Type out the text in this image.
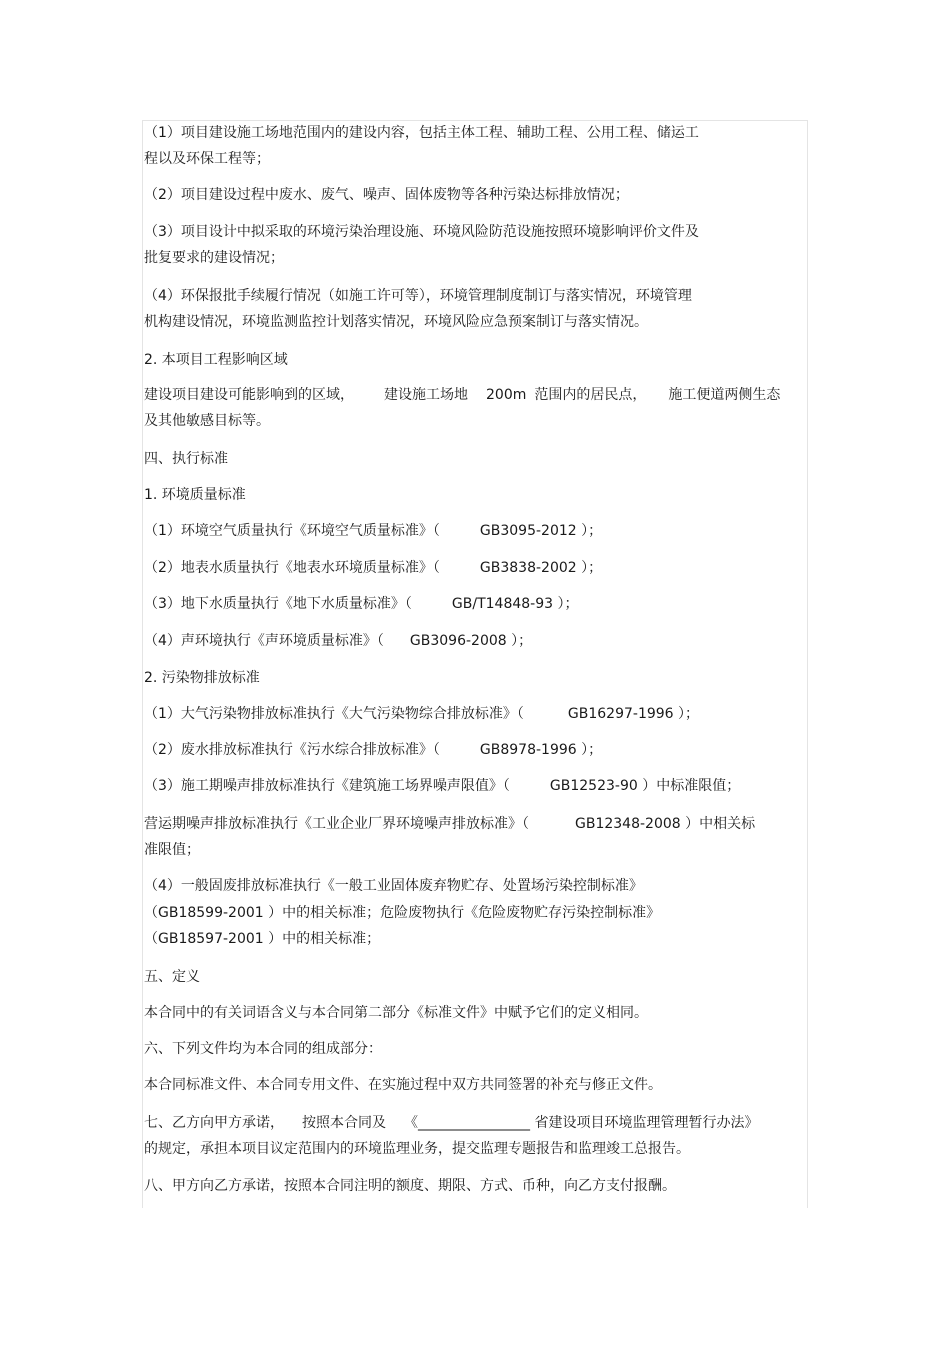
（1）项目建设施工场地范围内的建设内容，包括主体工程、辅助工程、公用工程、储运工
程以及环保工程等；
（2）项目建设过程中废水、废气、噪声、固体废物等各种污染达标排放情况；
（3）项目设计中拟采取的环境污染治理设施、环境风险防范设施按照环境影响评价文件及
批复要求的建设情况；
（4）环保报批手续履行情况（如施工许可等），环境管理制度制订与落实情况，环境管理
机构建设情况，环境监测监控计划落实情况，环境风险应急预案制订与落实情况。
2. 本项目工程影响区域
建设项目建设可能影响到的区域， 建设施工场地 200m 范围内的居民点， 施工便道两侧生态
及其他敏感目标等。
四、执行标准
1. 环境质量标准
（1）环境空气质量执行《环境空气质量标准》（	GB3095-2012 ）；
（2）地表水质量执行《地表水环境质量标准》（	GB3838-2002 ）；
（3）地下水质量执行《地下水质量标准》（	GB/T14848-93 ）；
（4）声环境执行《声环境质量标准》（ GB3096-2008 ）；
2. 污染物排放标准
（1）大气污染物排放标准执行《大气污染物综合排放标准》（	GB16297-1996 ）；
（2）废水排放标准执行《污水综合排放标准》（	GB8978-1996 ）；
（3）施工期噪声排放标准执行《建筑施工场界噪声限值》（	GB12523-90 ）中标准限值；
营运期噪声排放标准执行《工业企业厂界环境噪声排放标准》（	GB12348-2008 ）中相关标
准限值；
（4）一般固废排放标准执行《一般工业固体废弃物贮存、处置场污染控制标准》
（GB18599-2001 ）中的相关标准；危险废物执行《危险废物贮存污染控制标准》
（GB18597-2001 ）中的相关标准；
五、定义
本合同中的有关词语含义与本合同第二部分《标准文件》中赋予它们的定义相同。
六、下列文件均为本合同的组成部分：
本合同标准文件、本合同专用文件、在实施过程中双方共同签署的补充与修正文件。
七、乙方向甲方承诺， 按照本合同及 《________________ 省建设项目环境监理管理暂行办法》
的规定，承担本项目议定范围内的环境监理业务，提交监理专题报告和监理竣工总报告。
八、甲方向乙方承诺，按照本合同注明的额度、期限、方式、币种，向乙方支付报酬。
